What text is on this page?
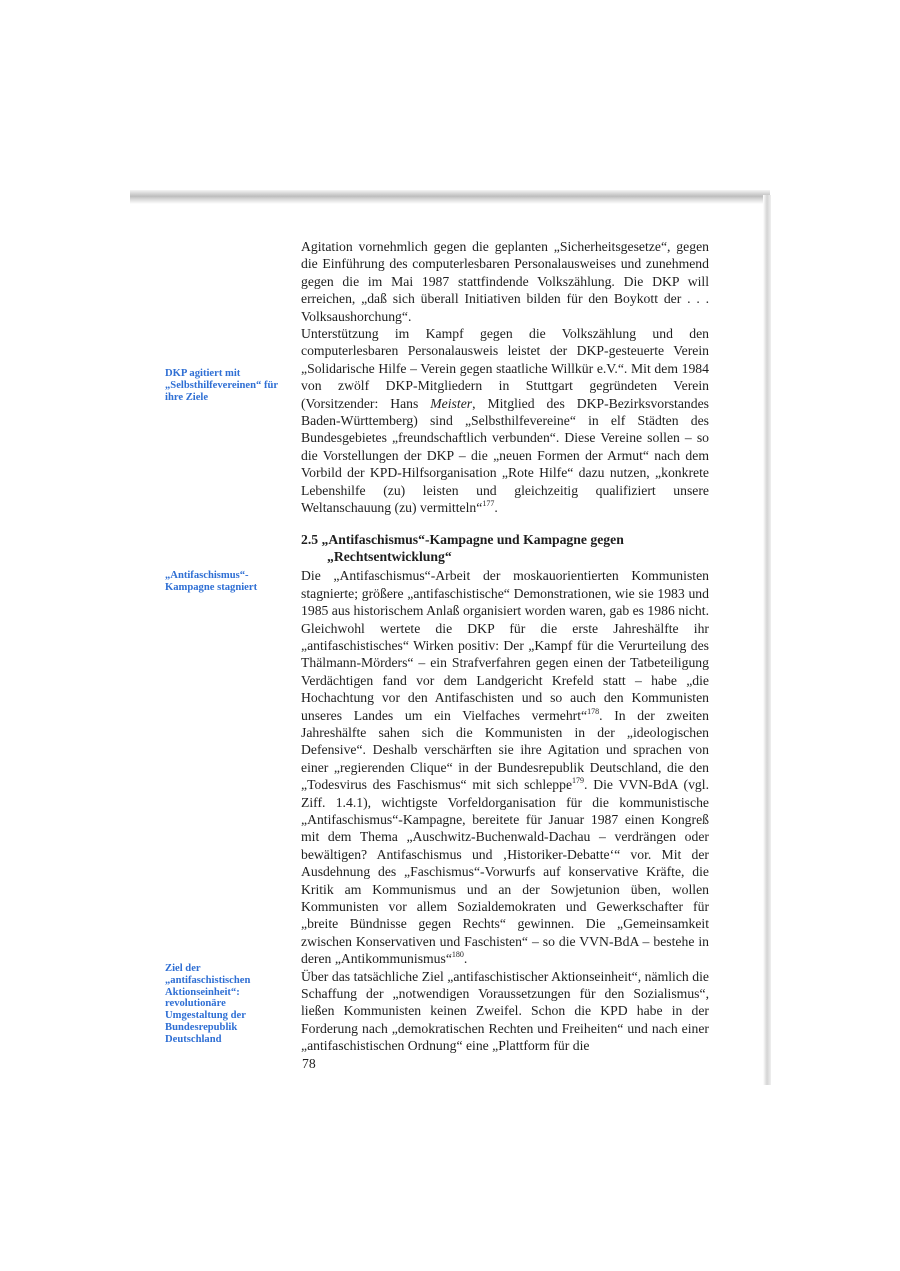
DKP agitiert mit „Selbsthilfevereinen“ für ihre Ziele
„Antifaschismus“-Kampagne stagniert
Ziel der „antifaschistischen Aktionseinheit“: revolutionäre Umgestaltung der Bundesrepublik Deutschland

Agitation vornehmlich gegen die geplanten „Sicherheitsgesetze“, gegen die Einführung des computerlesbaren Personalausweises und zunehmend gegen die im Mai 1987 stattfindende Volkszählung. Die DKP will erreichen, „daß sich überall Initiativen bilden für den Boykott der . . . Volksaushorchung“.

Unterstützung im Kampf gegen die Volkszählung und den computerlesbaren Personalausweis leistet der DKP-gesteuerte Verein „Solidarische Hilfe – Verein gegen staatliche Willkür e.V.“. Mit dem 1984 von zwölf DKP-Mitgliedern in Stuttgart gegründeten Verein (Vorsitzender: Hans Meister, Mitglied des DKP-Bezirksvorstandes Baden-Württemberg) sind „Selbsthilfevereine“ in elf Städten des Bundesgebietes „freundschaftlich verbunden“. Diese Vereine sollen – so die Vorstellungen der DKP – die „neuen Formen der Armut“ nach dem Vorbild der KPD-Hilfsorganisation „Rote Hilfe“ dazu nutzen, „konkrete Lebenshilfe (zu) leisten und gleichzeitig qualifiziert unsere Weltanschauung (zu) vermitteln“$^{177}$.

2.5 „Antifaschismus“-Kampagne und Kampagne gegen „Rechtsentwicklung“

Die „Antifaschismus“-Arbeit der moskauorientierten Kommunisten stagnierte; größere „antifaschistische“ Demonstrationen, wie sie 1983 und 1985 aus historischem Anlaß organisiert worden waren, gab es 1986 nicht.

Gleichwohl wertete die DKP für die erste Jahreshälfte ihr „antifaschistisches“ Wirken positiv: Der „Kampf für die Verurteilung des Thälmann-Mörders“ – ein Strafverfahren gegen einen der Tatbeteiligung Verdächtigen fand vor dem Landgericht Krefeld statt – habe „die Hochachtung vor den Antifaschisten und so auch den Kommunisten unseres Landes um ein Vielfaches vermehrt“$^{178}$. In der zweiten Jahreshälfte sahen sich die Kommunisten in der „ideologischen Defensive“. Deshalb verschärften sie ihre Agitation und sprachen von einer „regierenden Clique“ in der Bundesrepublik Deutschland, die den „Todesvirus des Faschismus“ mit sich schleppe$^{179}$. Die VVN-BdA (vgl. Ziff. 1.4.1), wichtigste Vorfeldorganisation für die kommunistische „Antifaschismus“-Kampagne, bereitete für Januar 1987 einen Kongreß mit dem Thema „Auschwitz-Buchenwald-Dachau – verdrängen oder bewältigen? Antifaschismus und ‚Historiker-Debatte‘“ vor. Mit der Ausdehnung des „Faschismus“-Vorwurfs auf konservative Kräfte, die Kritik am Kommunismus und an der Sowjetunion üben, wollen Kommunisten vor allem Sozialdemokraten und Gewerkschafter für „breite Bündnisse gegen Rechts“ gewinnen. Die „Gemeinsamkeit zwischen Konservativen und Faschisten“ – so die VVN-BdA – bestehe in deren „Antikommunismus“$^{180}$.

Über das tatsächliche Ziel „antifaschistischer Aktionseinheit“, nämlich die Schaffung der „notwendigen Voraussetzungen für den Sozialismus“, ließen Kommunisten keinen Zweifel. Schon die KPD habe in der Forderung nach „demokratischen Rechten und Freiheiten“ und nach einer „antifaschistischen Ordnung“ eine „Plattform für die

78
